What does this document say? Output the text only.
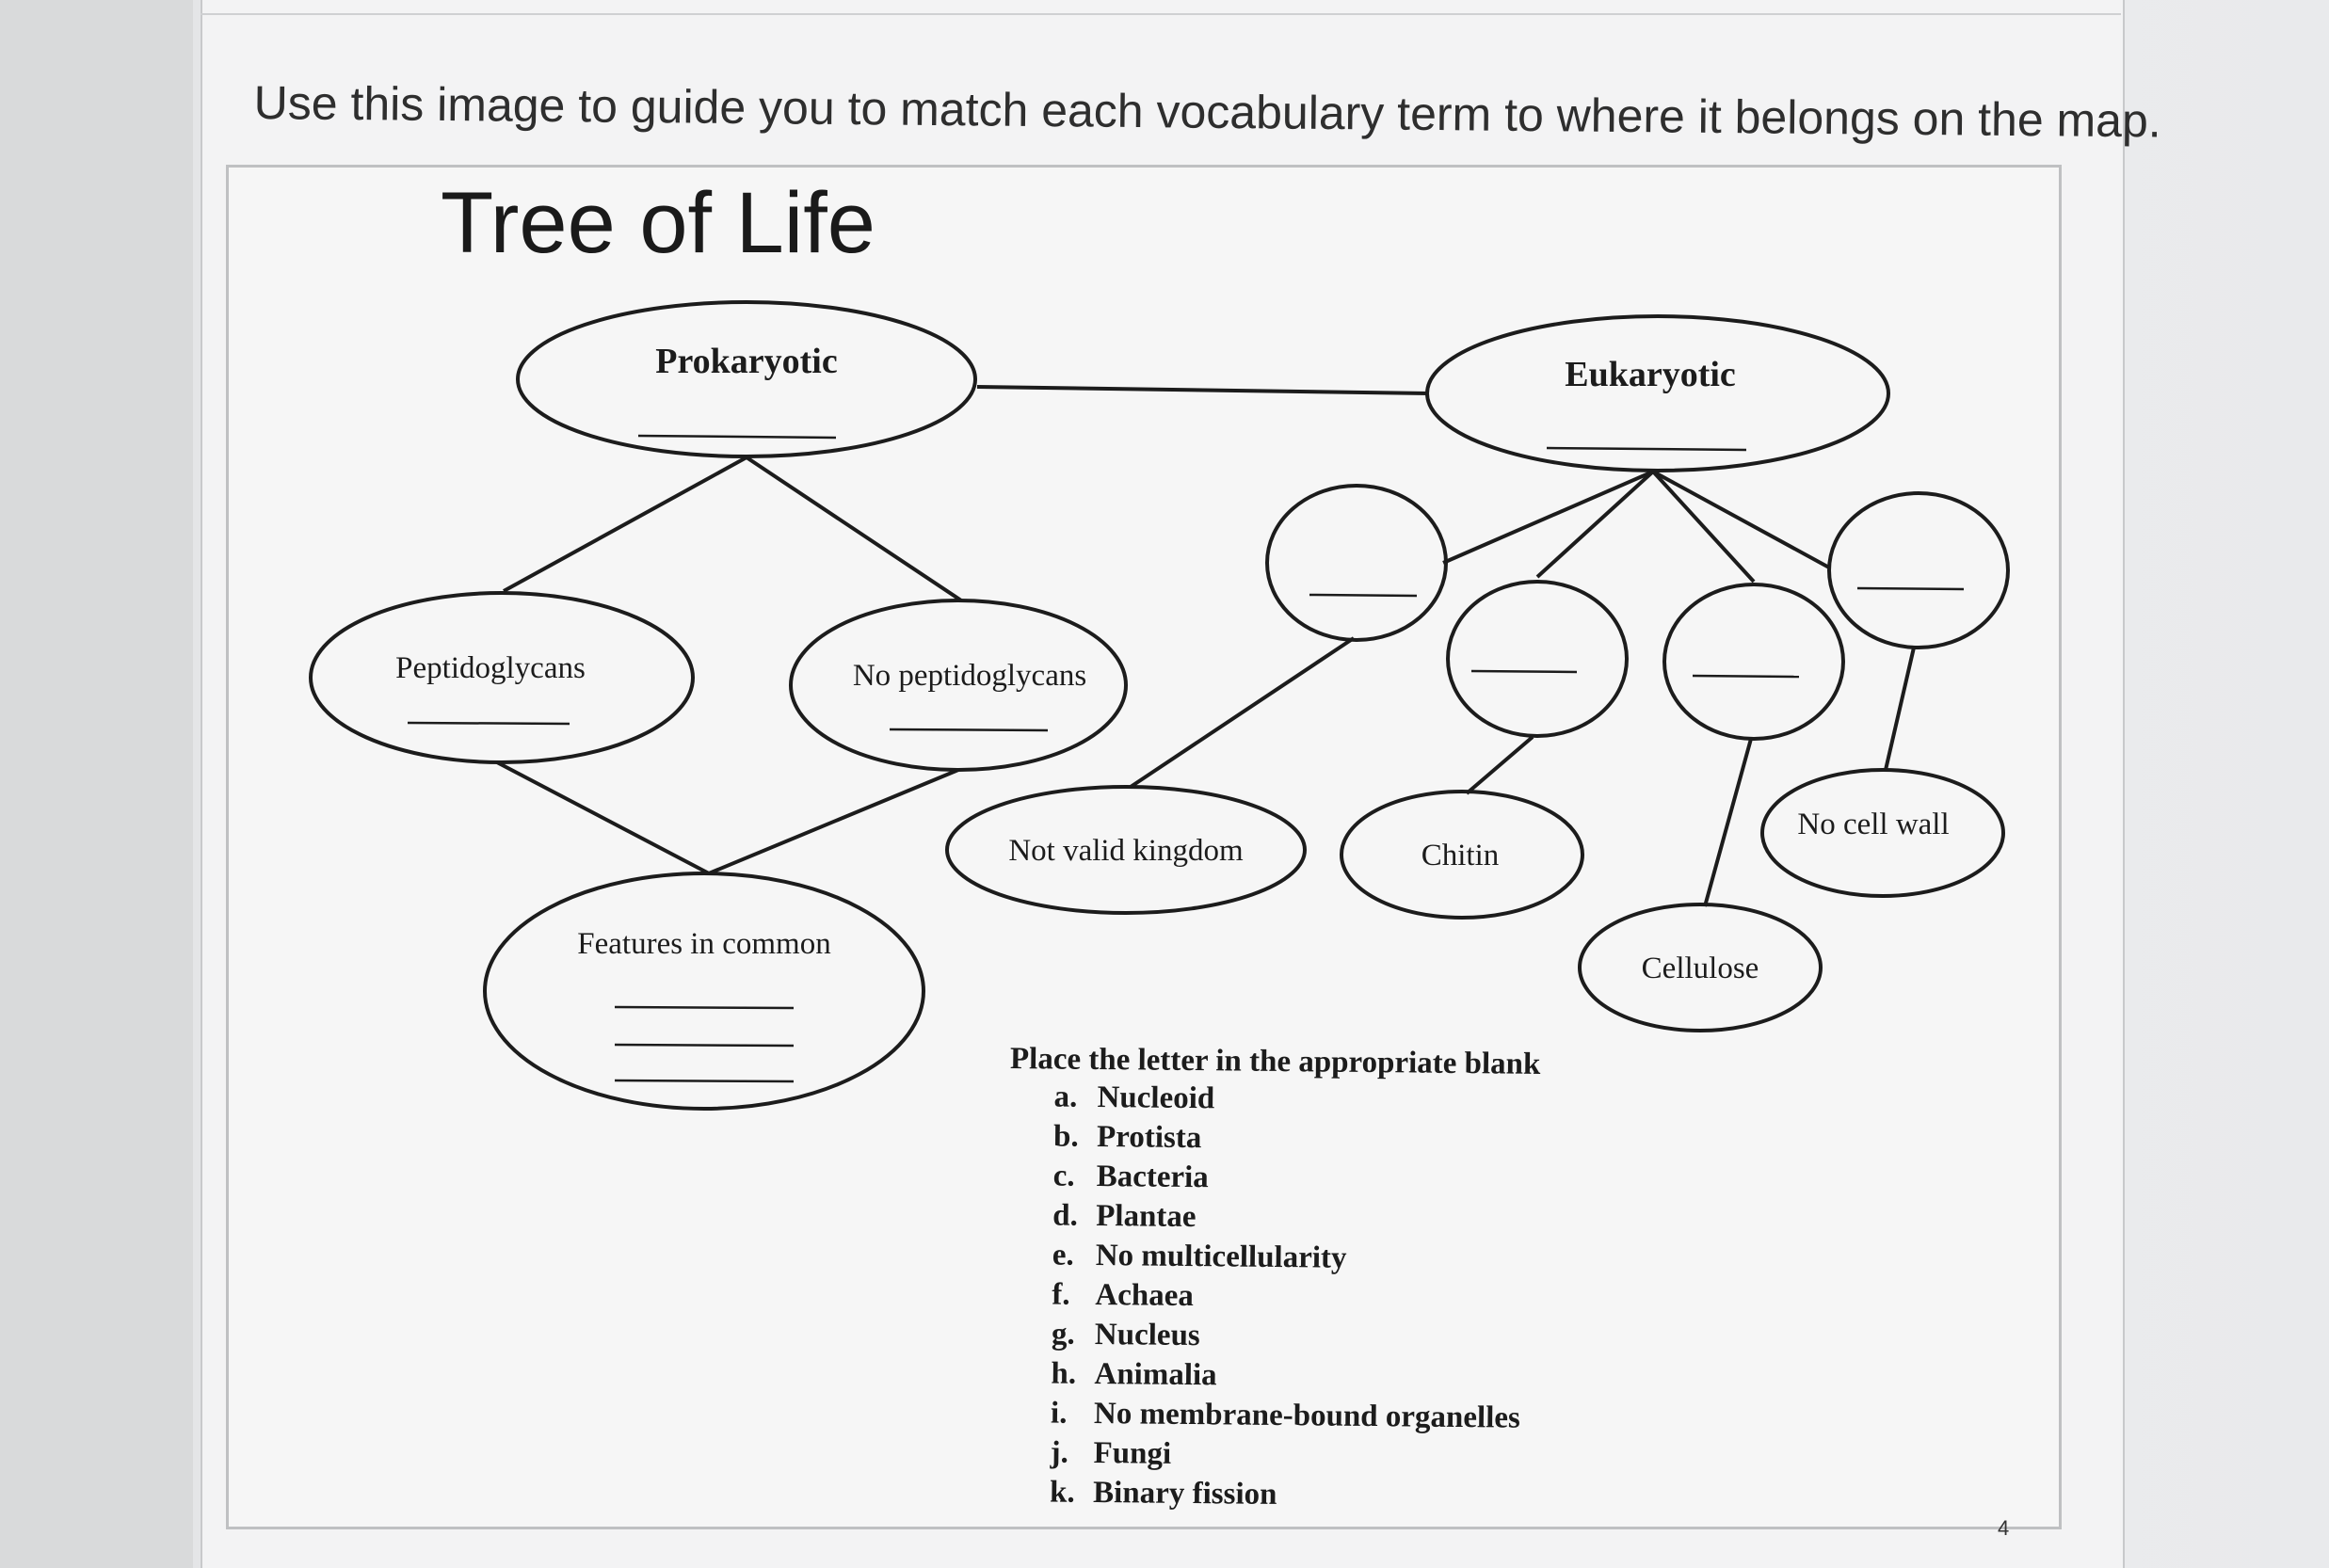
Use this image to guide you to match each vocabulary term to where it belongs on the map.
Tree of Life
Prokaryotic	Eukaryotic
Peptidoglycans	No peptidoglycans
Features in common
Not valid kingdom	Chitin
Cellulose
No cell wall
Place the letter in the appropriate blank
a. Nucleoid
b. Protista
c. Bacteria
d. Plantae
e. No multicellularity
f. Achaea
g. Nucleus
h. Animalia
i. No membrane-bound organelles
j. Fungi
k. Binary fission
4
